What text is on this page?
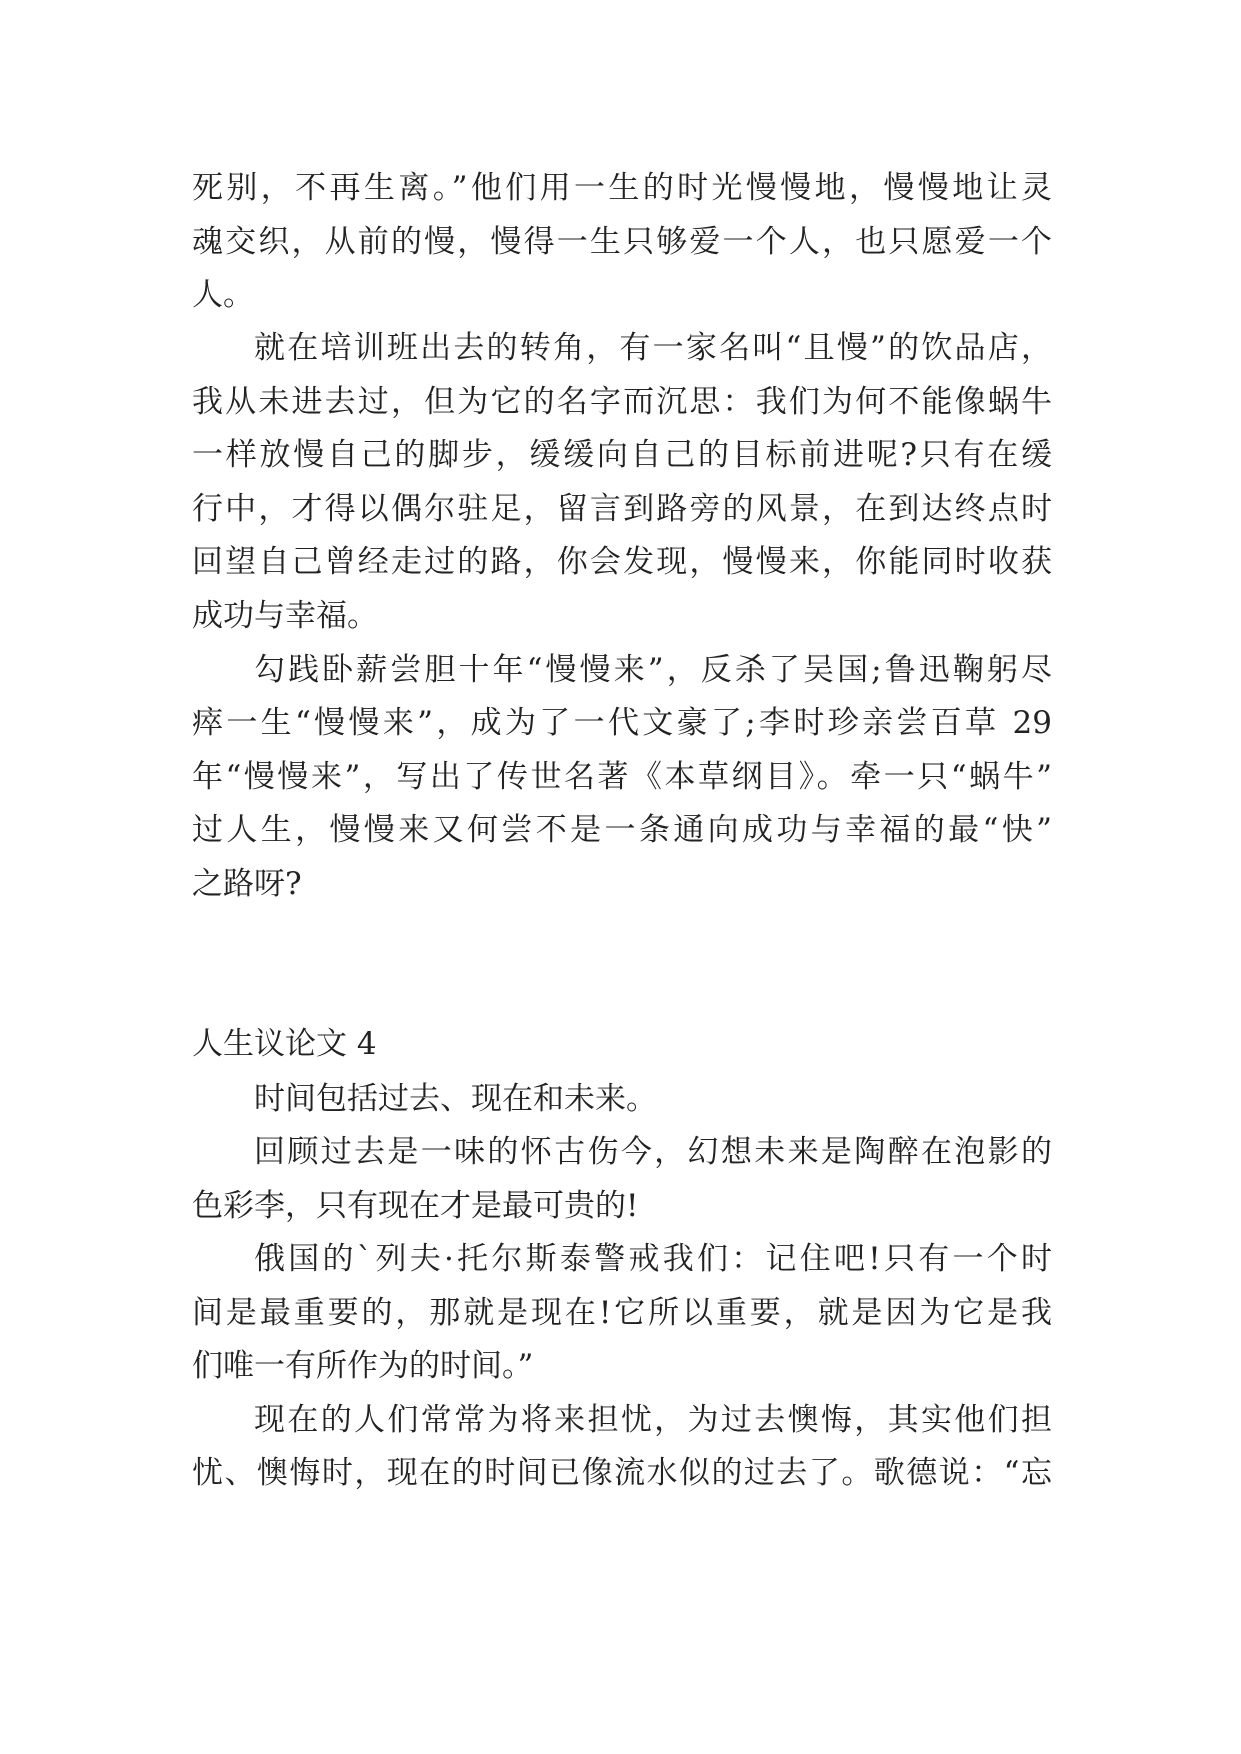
死别，不再生离。”他们用一生的时光慢慢地，慢慢地让灵
魂交织，从前的慢，慢得一生只够爱一个人，也只愿爱一个
人。
就在培训班出去的转角，有一家名叫“且慢”的饮品店，
我从未进去过，但为它的名字而沉思：我们为何不能像蜗牛
一样放慢自己的脚步，缓缓向自己的目标前进呢?只有在缓
行中，才得以偶尔驻足，留言到路旁的风景，在到达终点时
回望自己曾经走过的路，你会发现，慢慢来，你能同时收获
成功与幸福。
勾践卧薪尝胆十年“慢慢来”，反杀了吴国;鲁迅鞠躬尽
瘁一生“慢慢来”，成为了一代文豪了;李时珍亲尝百草 29
年“慢慢来”，写出了传世名著《本草纲目》。牵一只“蜗牛”
过人生，慢慢来又何尝不是一条通向成功与幸福的最“快”
之路呀?
人生议论文 4
时间包括过去、现在和未来。
回顾过去是一味的怀古伤今，幻想未来是陶醉在泡影的
色彩李，只有现在才是最可贵的!
俄国的`列夫·托尔斯泰警戒我们：记住吧!只有一个时
间是最重要的，那就是现在!它所以重要，就是因为它是我
们唯一有所作为的时间。”
现在的人们常常为将来担忧，为过去懊悔，其实他们担
忧、懊悔时，现在的时间已像流水似的过去了。歌德说：“忘
